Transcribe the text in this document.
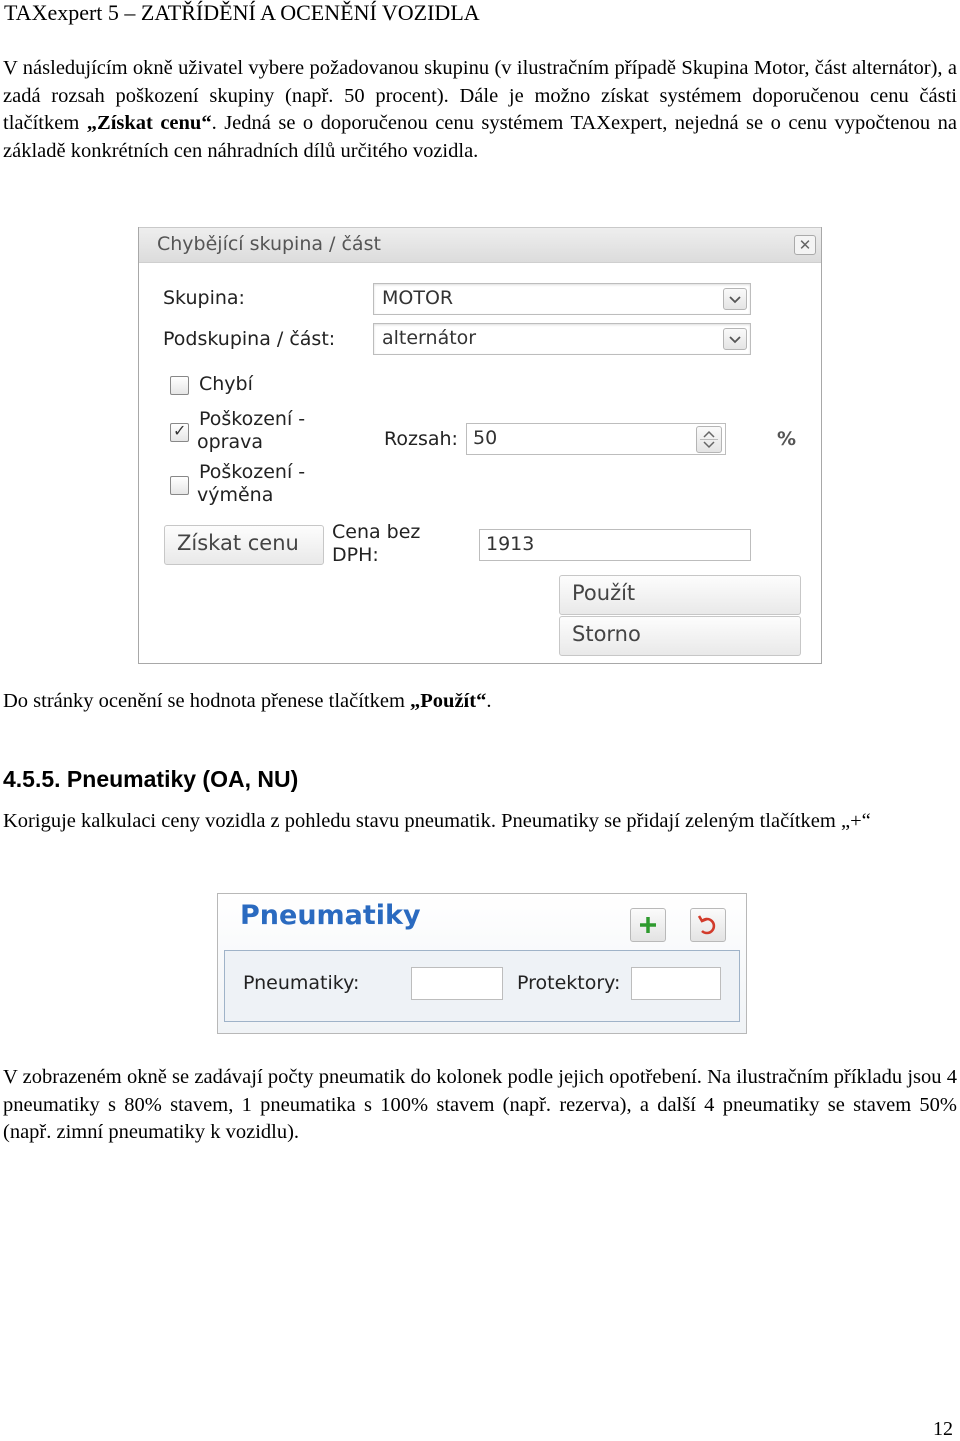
TAXexpert 5 – ZATŘÍDĚNÍ A OCENĚNÍ VOZIDLA
V následujícím okně uživatel vybere požadovanou skupinu (v ilustračním případě Skupina Motor, část alternátor), a zadá rozsah poškození skupiny (např. 50 procent). Dále je možno získat systémem doporučenou cenu části tlačítkem „Získat cenu“. Jedná se o doporučenou cenu systémem TAXexpert, nejedná se o cenu vypočtenou na základě konkrétních cen náhradních dílů určitého vozidla.
Chybějící skupina / část	✕
Skupina:	MOTOR
Podskupina / část: alternátor
Chybí
✓
Poškození -
oprava
Poškození -
výměna
Rozsah: 50	%
Získat cenu Cena bez
DPH:	1913
Použít
Storno
Do stránky ocenění se hodnota přenese tlačítkem „Použít“.
4.5.5. Pneumatiky (OA, NU)
Koriguje kalkulaci ceny vozidla z pohledu stavu pneumatik. Pneumatiky se přidají zeleným tlačítkem „+“
Pneumatiky
Pneumatiky:	Protektory:
V zobrazeném okně se zadávají počty pneumatik do kolonek podle jejich opotřebení. Na ilustračním příkladu jsou 4 pneumatiky s 80% stavem, 1 pneumatika s 100% stavem (např. rezerva), a další 4 pneumatiky se stavem 50% (např. zimní pneumatiky k vozidlu).
12
